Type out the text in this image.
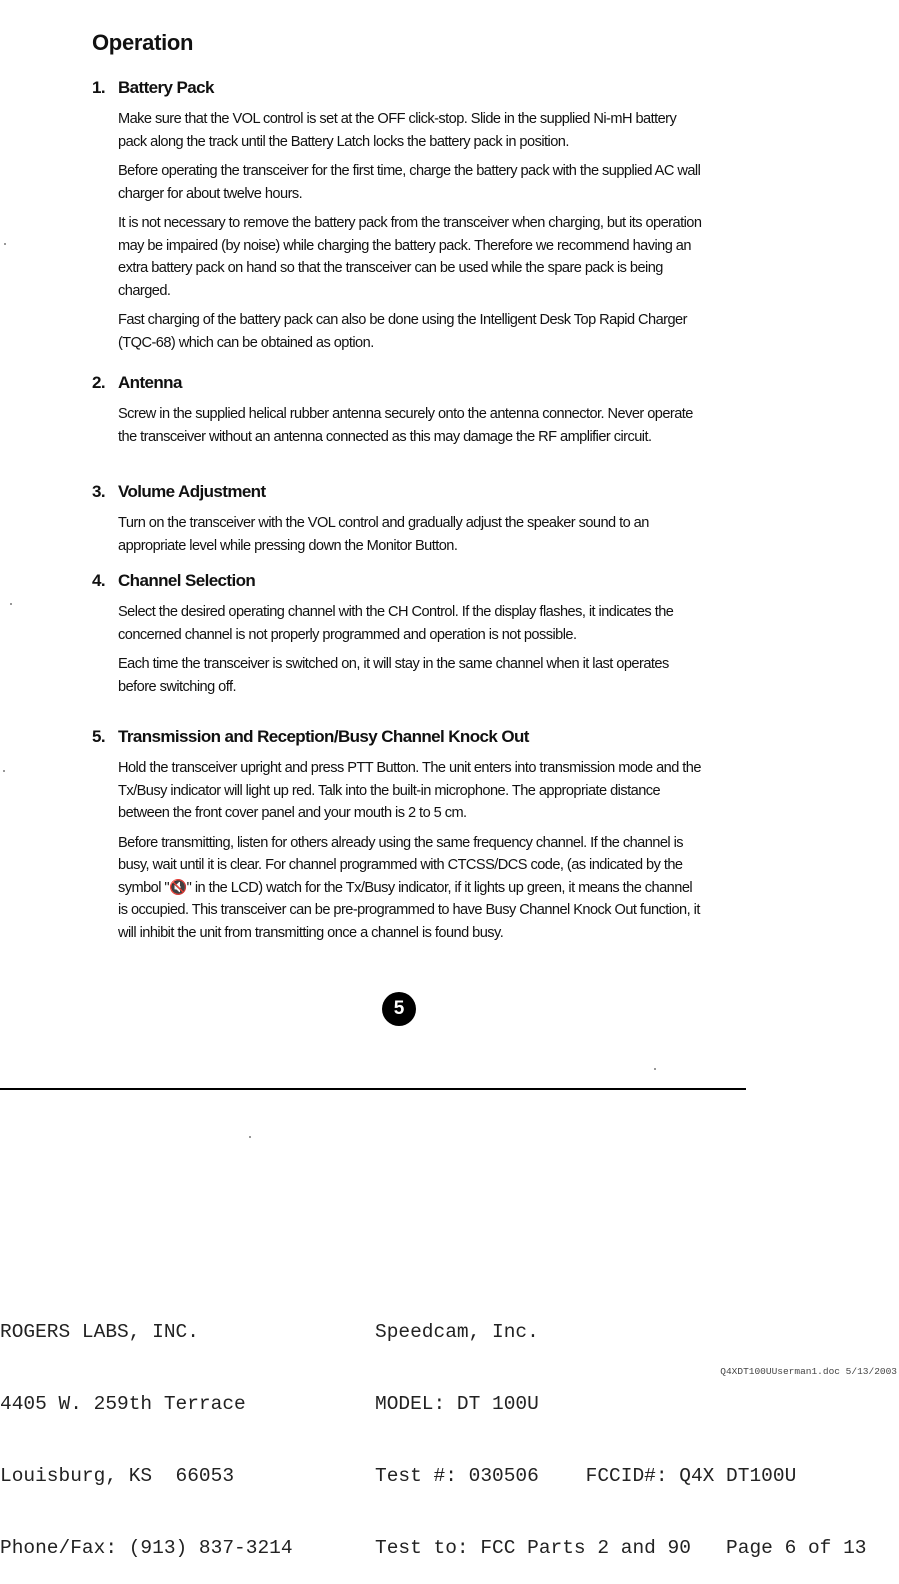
Operation
1. Battery Pack

Make sure that the VOL control is set at the OFF click-stop. Slide in the supplied Ni-mH battery pack along the track until the Battery Latch locks the battery pack in position.

Before operating the transceiver for the first time, charge the battery pack with the supplied AC wall charger for about twelve hours.

It is not necessary to remove the battery pack from the transceiver when charging, but its operation may be impaired (by noise) while charging the battery pack. Therefore we recommend having an extra battery pack on hand so that the transceiver can be used while the spare pack is being charged.

Fast charging of the battery pack can also be done using the Intelligent Desk Top Rapid Charger (TQC-68) which can be obtained as option.

2. Antenna

Screw in the supplied helical rubber antenna securely onto the antenna connector. Never operate the transceiver without an antenna connected as this may damage the RF amplifier circuit.

3. Volume Adjustment

Turn on the transceiver with the VOL control and gradually adjust the speaker sound to an appropriate level while pressing down the Monitor Button.

4. Channel Selection

Select the desired operating channel with the CH Control. If the display flashes, it indicates the concerned channel is not properly programmed and operation is not possible.

Each time the transceiver is switched on, it will stay in the same channel when it last operates before switching off.

5. Transmission and Reception/Busy Channel Knock Out

Hold the transceiver upright and press PTT Button. The unit enters into transmission mode and the Tx/Busy indicator will light up red. Talk into the built-in microphone. The appropriate distance between the front cover panel and your mouth is 2 to 5 cm.

Before transmitting, listen for others already using the same frequency channel. If the channel is busy, wait until it is clear. For channel programmed with CTCSS/DCS code, (as indicated by the symbol "🔇" in the LCD) watch for the Tx/Busy indicator, if it lights up green, it means the channel is occupied. This transceiver can be pre-programmed to have Busy Channel Knock Out function, it will inhibit the unit from transmitting once a channel is found busy.

5

ROGERS LABS, INC.

4405 W. 259th Terrace

Louisburg, KS  66053

Phone/Fax: (913) 837-3214

Speedcam, Inc.

MODEL: DT 100U

Test #: 030506    FCCID#: Q4X DT100U

Test to: FCC Parts 2 and 90   Page 6 of 13

Q4XDT100UUserman1.doc 5/13/2003
